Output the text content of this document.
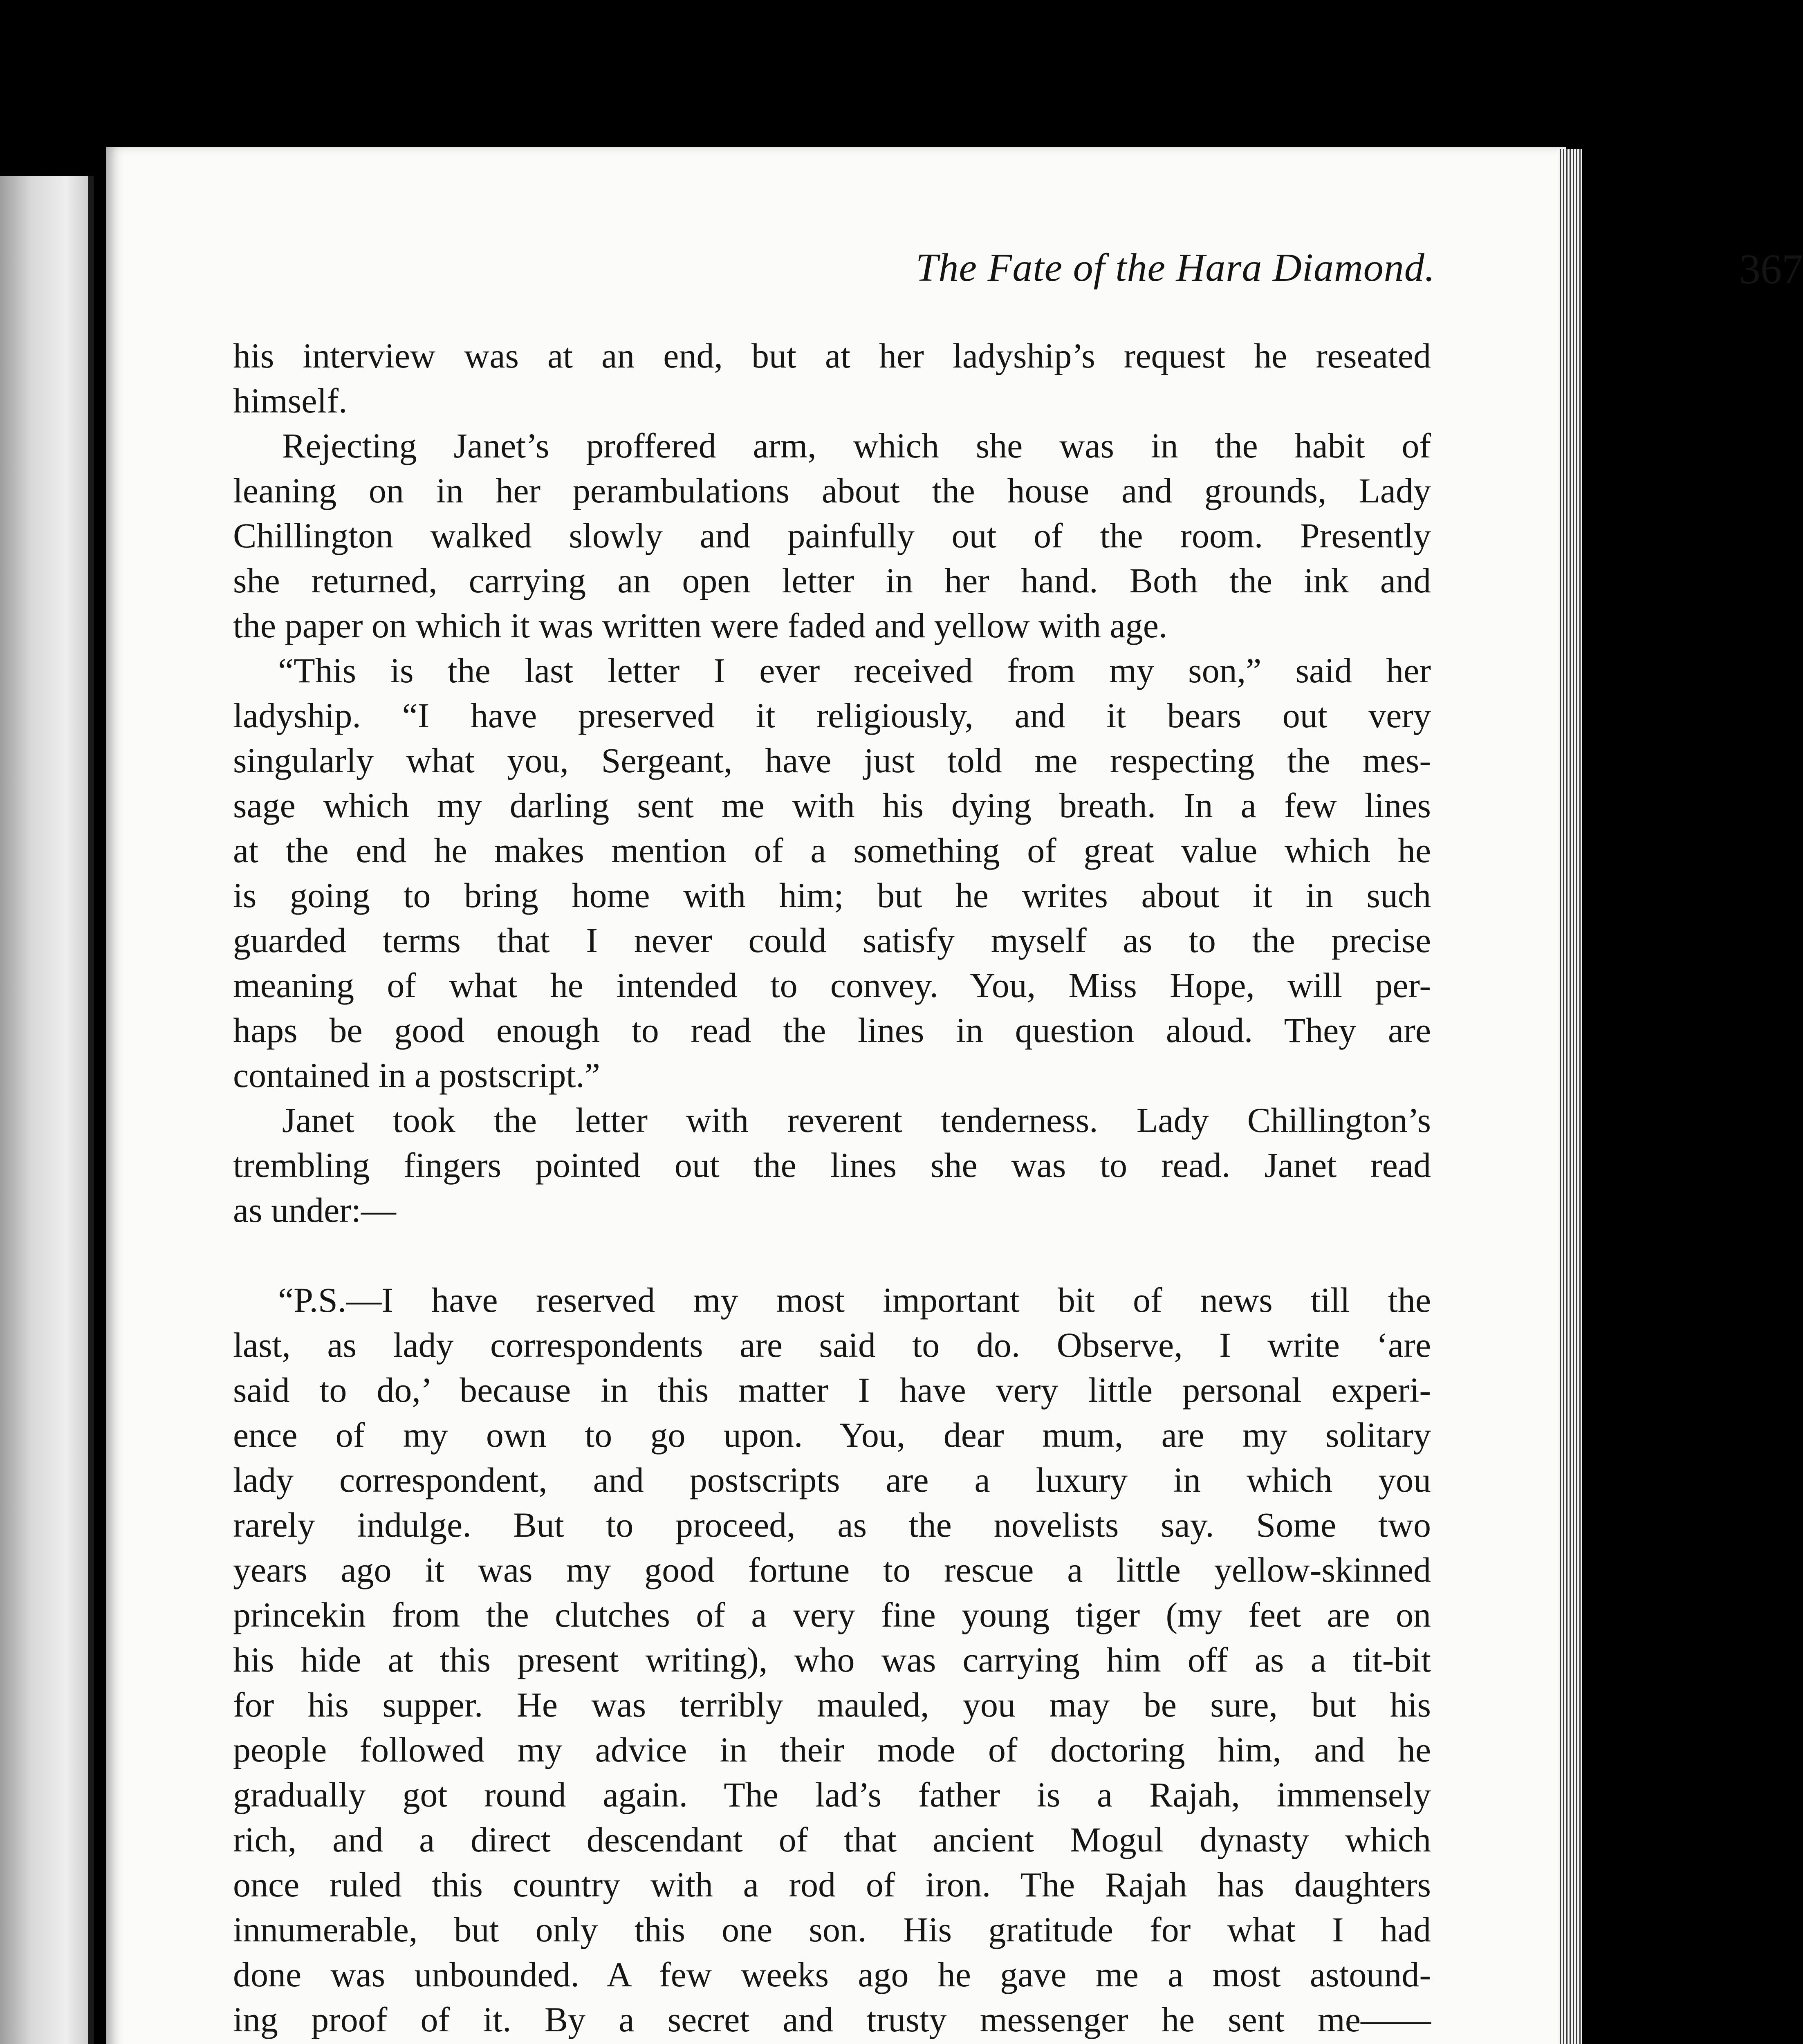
The Fate of the Hara Diamond.	367
his interview was at an end, but at her ladyship’s request he reseated
himself.
Rejecting Janet’s proffered arm, which she was in the habit of
leaning on in her perambulations about the house and grounds, Lady
Chillington walked slowly and painfully out of the room. Presently
she returned, carrying an open letter in her hand. Both the ink and
the paper on which it was written were faded and yellow with age.
“This is the last letter I ever received from my son,” said her
ladyship. “I have preserved it religiously, and it bears out very
singularly what you, Sergeant, have just told me respecting the mes-
sage which my darling sent me with his dying breath. In a few lines
at the end he makes mention of a something of great value which he
is going to bring home with him; but he writes about it in such
guarded terms that I never could satisfy myself as to the precise
meaning of what he intended to convey. You, Miss Hope, will per-
haps be good enough to read the lines in question aloud. They are
contained in a postscript.”
Janet took the letter with reverent tenderness. Lady Chillington’s
trembling fingers pointed out the lines she was to read. Janet read
as under:—
“P.S.—I have reserved my most important bit of news till the
last, as lady correspondents are said to do. Observe, I write ‘are
said to do,’ because in this matter I have very little personal experi-
ence of my own to go upon. You, dear mum, are my solitary
lady correspondent, and postscripts are a luxury in which you
rarely indulge. But to proceed, as the novelists say. Some two
years ago it was my good fortune to rescue a little yellow-skinned
princekin from the clutches of a very fine young tiger (my feet are on
his hide at this present writing), who was carrying him off as a tit-bit
for his supper. He was terribly mauled, you may be sure, but his
people followed my advice in their mode of doctoring him, and he
gradually got round again. The lad’s father is a Rajah, immensely
rich, and a direct descendant of that ancient Mogul dynasty which
once ruled this country with a rod of iron. The Rajah has daughters
innumerable, but only this one son. His gratitude for what I had
done was unbounded. A few weeks ago he gave me a most astound-
ing proof of it. By a secret and trusty messenger he sent me——
